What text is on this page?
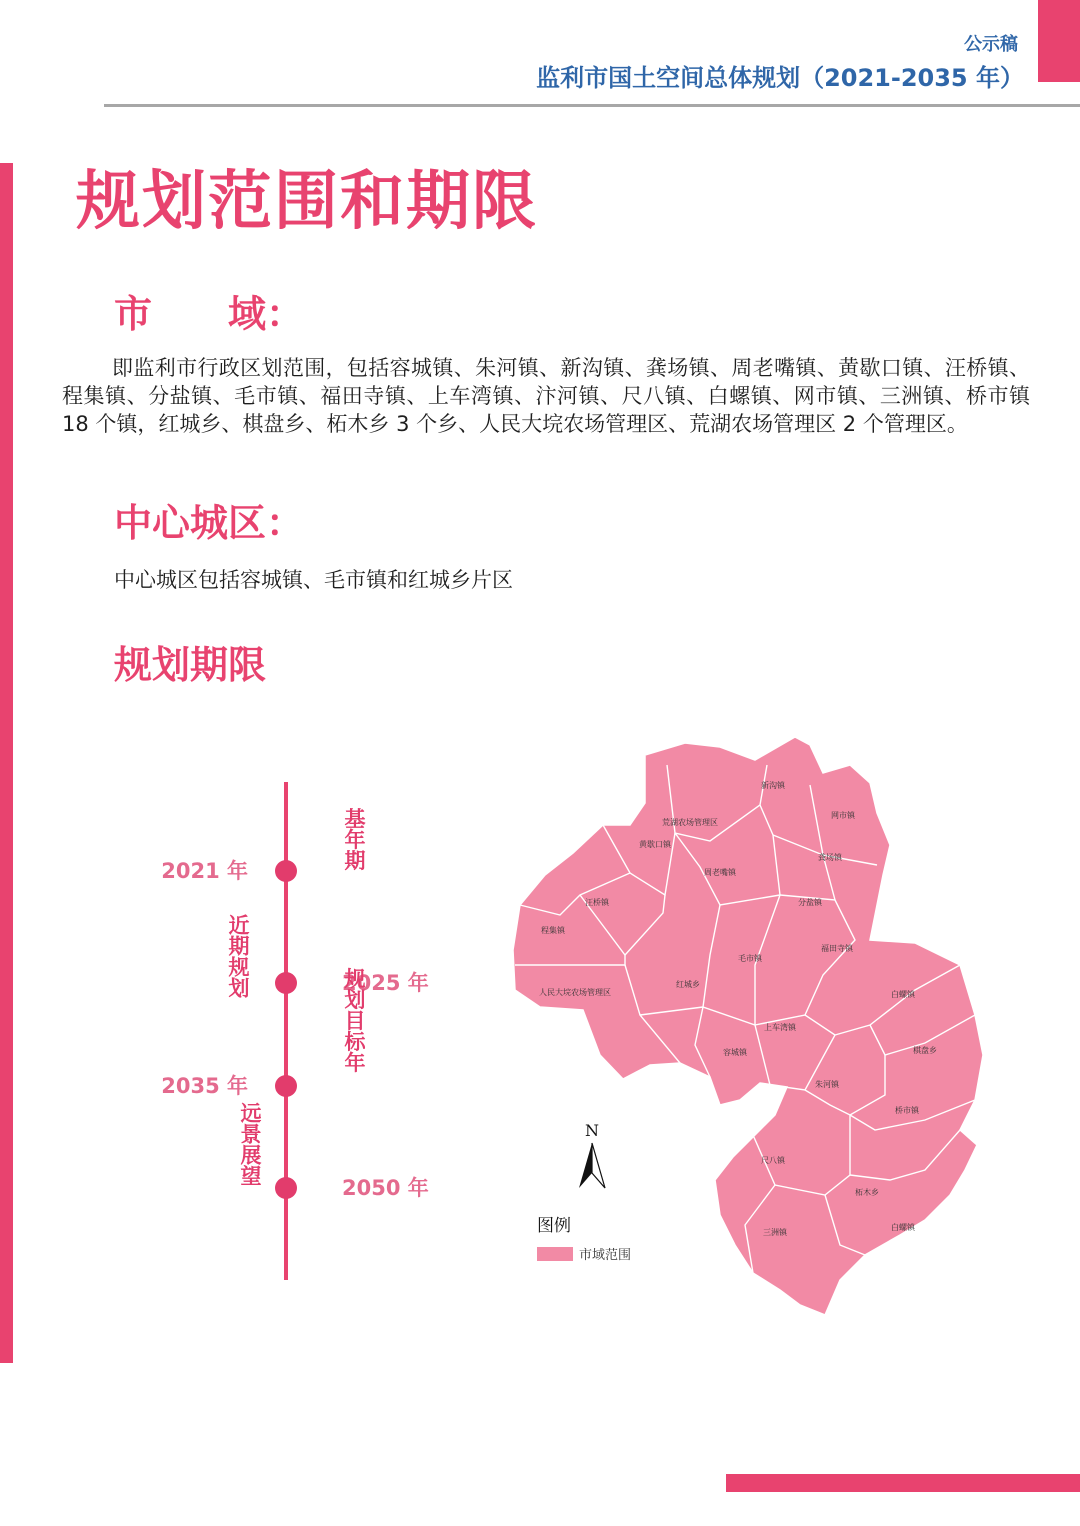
公示稿
监利市国土空间总体规划（2021-2035 年）
规划范围和期限
市　　域：
即监利市行政区划范围，包括容城镇、朱河镇、新沟镇、龚场镇、周老嘴镇、黄歇口镇、汪桥镇、程集镇、分盐镇、毛市镇、福田寺镇、上车湾镇、汴河镇、尺八镇、白螺镇、网市镇、三洲镇、桥市镇 18 个镇，红城乡、棋盘乡、柘木乡 3 个乡、人民大垸农场管理区、荒湖农场管理区 2 个管理区。
中心城区：
中心城区包括容城镇、毛市镇和红城乡片区
规划期限
2021 年
2025 年
2035 年
2050 年
近期规划
远景展望
基年期
规划目标年
新沟镇
网市镇
荒湖农场管理区
黄歇口镇
龚场镇
周老嘴镇
汪桥镇	分盐镇
程集镇
毛市镇
福田寺镇
人民大垸农场管理区
红城乡
白螺镇
上车湾镇
棋盘乡
容城镇
朱河镇
桥市镇
尺八镇
柘木乡
三洲镇
白螺镇
N
图例
市域范围
